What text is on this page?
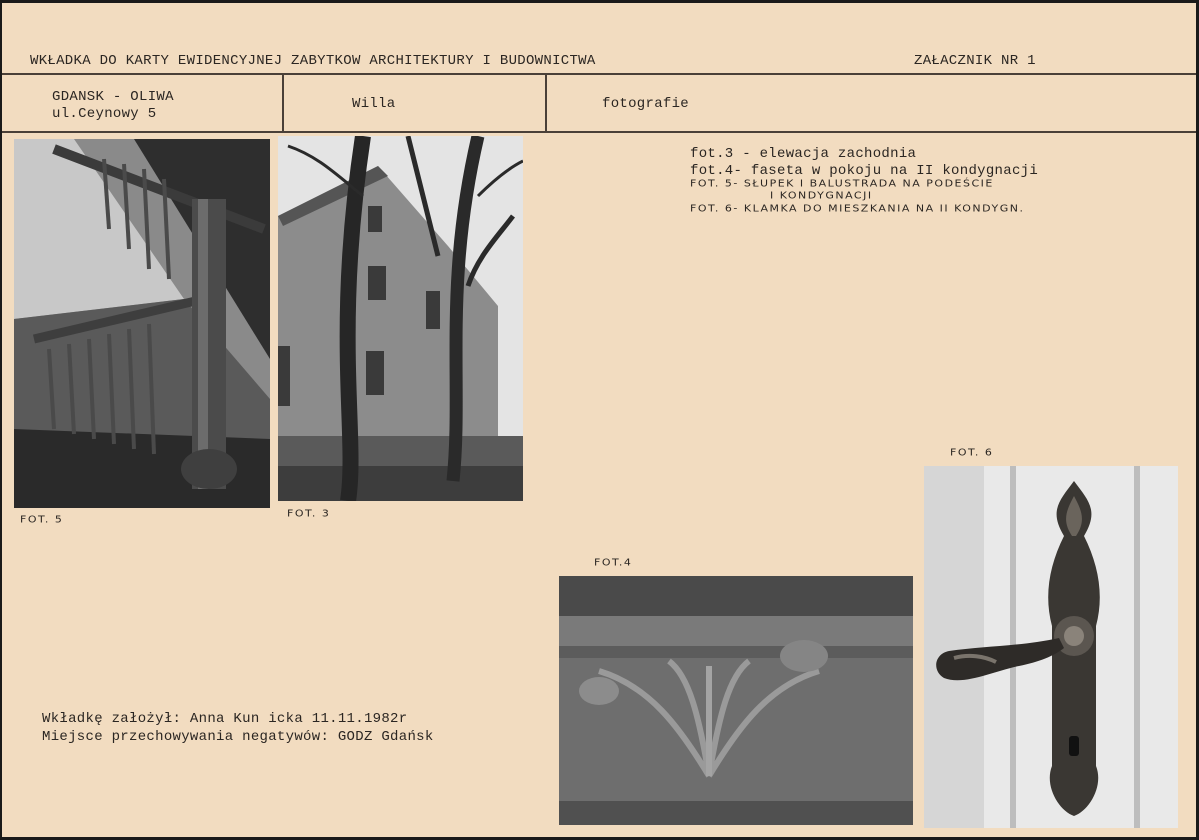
WKŁADKA DO KARTY EWIDENCYJNEJ ZABYTKOW ARCHITEKTURY I BUDOWNICTWA	ZAŁACZNIK NR 1
GDANSK - OLIWA
ul.Ceynowy 5
Willa	fotografie
fot.3 - elewacja zachodnia
fot.4- faseta w pokoju na II kondygnacji
FOT. 5- SŁUPEK I BALUSTRADA NA PODEŚCIE
I KONDYGNACJI
FOT. 6- KLAMKA DO MIESZKANIA NA II KONDYGN.
FOT. 5
FOT. 3
FOT. 6
FOT.4
Wkładkę założył: Anna Kun icka 11.11.1982r
Miejsce przechowywania negatywów: GODZ Gdańsk
